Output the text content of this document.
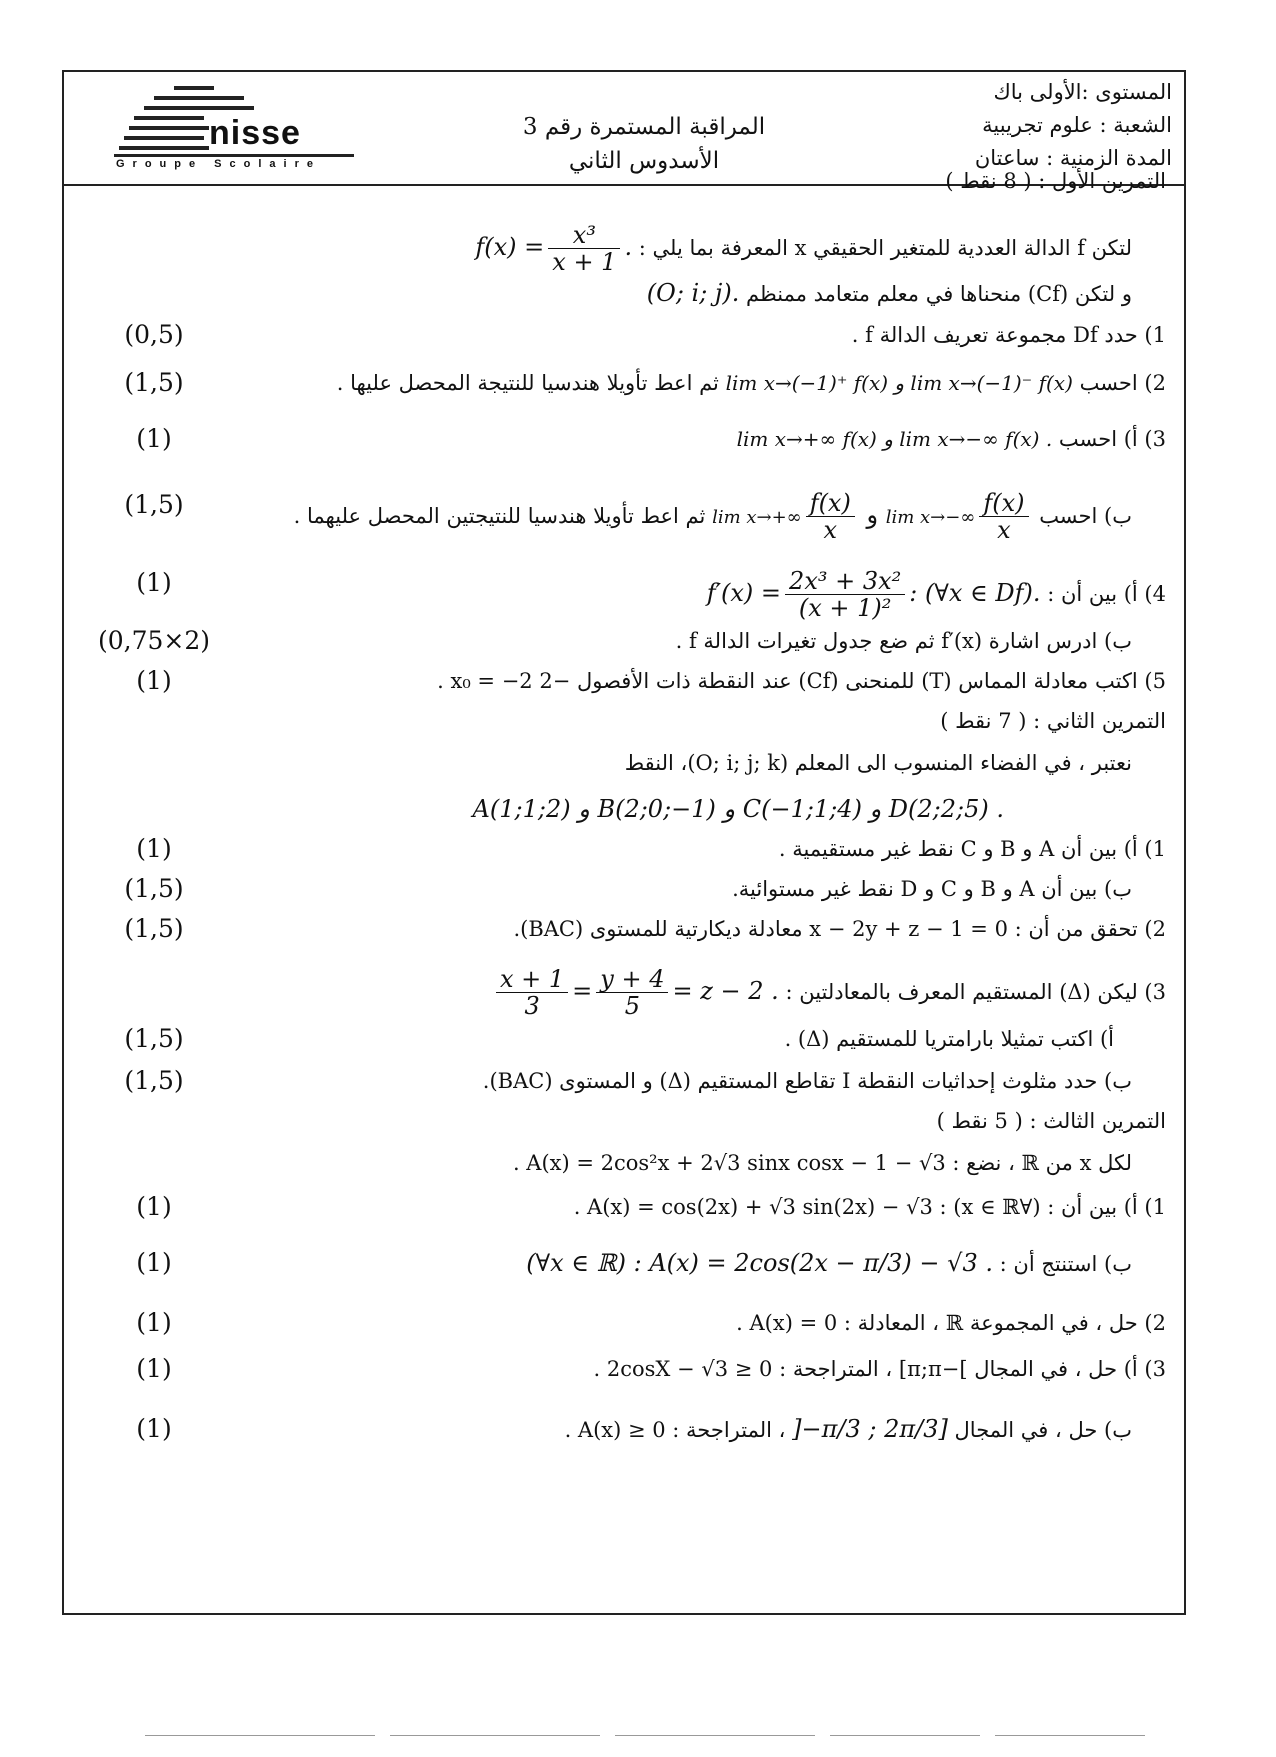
المستوى :الأولى باك
الشعبة : علوم تجريبية
المدة الزمنية : ساعتان
المراقبة المستمرة رقم 3
الأسدوس الثاني
nisse
Groupe Scolaire
التمرين الأول : ( 8 نقط )
لتكن f الدالة العددية للمتغير الحقيقي x المعرفة بما يلي : $f(x) = \frac{\text{x³}}{x + 1}$ .
و لتكن (Cf) منحناها في معلم متعامد ممنظم (O; i; j).
1) حدد Df مجموعة تعريف الدالة f .
(0,5)
2) احسب lim x→(−1)⁺ f(x) و lim x→(−1)⁻ f(x) ثم اعط تأويلا هندسيا للنتيجة المحصل عليها .
(1,5)
3) أ) احسب lim x→+∞ f(x) و lim x→−∞ f(x) .
(1)
ب) احسب $\lim x\to+\infty \frac{f(x)}{x}$ و $\lim x\to-\infty \frac{f(x)}{x}$
ثم اعط تأويلا هندسيا للنتيجتين المحصل عليهما .
(1,5)
4) أ) بين أن : $f'(x) = \frac{\text{2x³ + 3x²}}{\text{(x + 1)²}}$ : (∀x ∈ Df).
(1)
ب) ادرس اشارة f′(x) ثم ضع جدول تغيرات الدالة f .
(0,75×2)
5) اكتب معادلة المماس (T) للمنحنى (Cf) عند النقطة ذات الأفصول −2 x₀ = −2 .
(1)
التمرين الثاني : ( 7 نقط )
نعتبر ، في الفضاء المنسوب الى المعلم (O; i; j; k)، النقط
A(1;1;2) و B(2;0;−1) و C(−1;1;4) و D(2;2;5) .
1) أ) بين أن A و B و C نقط غير مستقيمية .
(1)
ب) بين أن A و B و C و D نقط غير مستوائية.
(1,5)
2) تحقق من أن : x − 2y + z − 1 = 0 معادلة ديكارتية للمستوى (BAC).
(1,5)
3) ليكن (Δ) المستقيم المعرف بالمعادلتين :
$\frac{x + 1}{3} = \frac{y + 4}{5} = z - 2$ .
أ) اكتب تمثيلا بارامتريا للمستقيم (Δ) .
(1,5)
ب) حدد مثلوث إحداثيات النقطة I تقاطع المستقيم (Δ) و المستوى (BAC).
(1,5)
التمرين الثالث : ( 5 نقط )
لكل x من ℝ ، نضع : A(x) = 2cos²x + 2√3 sinx cosx − 1 − √3 .
1) أ) بين أن : (∀x ∈ ℝ) : A(x) = cos(2x) + √3 sin(2x) − √3 .
(1)
ب) استنتج أن : (∀x ∈ ℝ) : A(x) = 2cos(2x − π/3) − √3 .
(1)
2) حل ، في المجموعة ℝ ، المعادلة : A(x) = 0 .
(1)
3) أ) حل ، في المجال ]−π;π] ، المتراجحة : 2cosX − √3 ≥ 0 .
(1)
ب) حل ، في المجال ]−π/3 ; 2π/3] ، المتراجحة : A(x) ≥ 0 .
(1)
